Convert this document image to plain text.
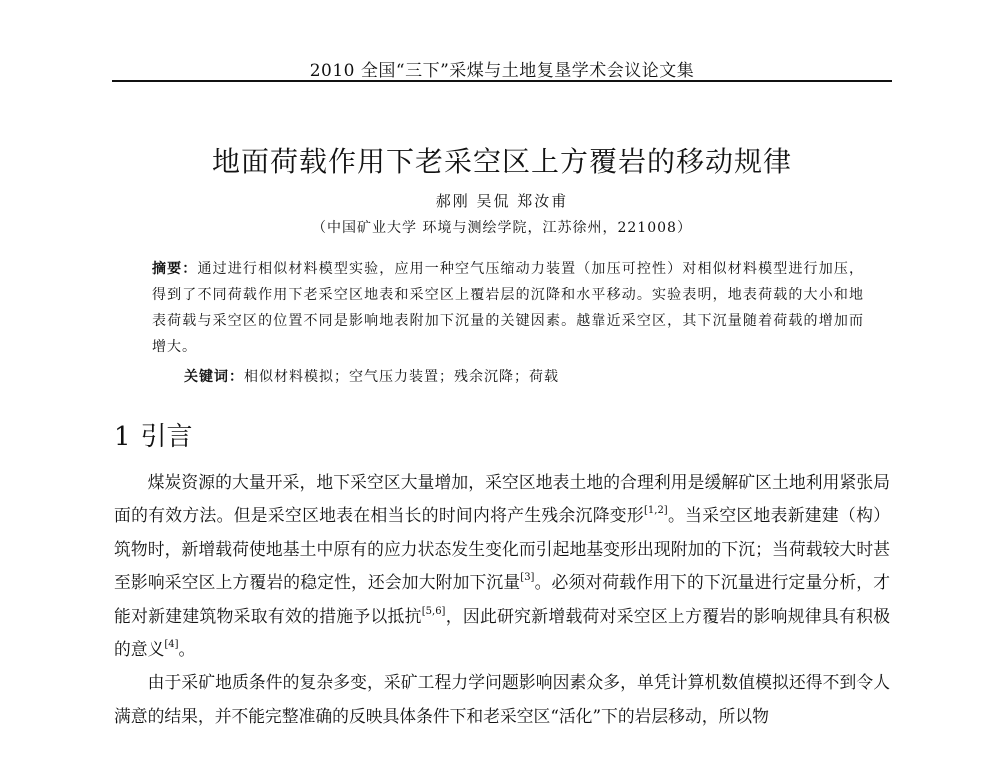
2010 全国“三下”采煤与土地复垦学术会议论文集
地面荷载作用下老采空区上方覆岩的移动规律
郝刚 吴侃 郑汝甫
（中国矿业大学 环境与测绘学院，江苏徐州，221008）
摘要：通过进行相似材料模型实验，应用一种空气压缩动力装置（加压可控性）对相似材料模型进行加压，得到了不同荷载作用下老采空区地表和采空区上覆岩层的沉降和水平移动。实验表明，地表荷载的大小和地表荷载与采空区的位置不同是影响地表附加下沉量的关键因素。越靠近采空区，其下沉量随着荷载的增加而增大。
关键词：相似材料模拟；空气压力装置；残余沉降；荷载
1 引言

煤炭资源的大量开采，地下采空区大量增加，采空区地表土地的合理利用是缓解矿区土地利用紧张局面的有效方法。但是采空区地表在相当长的时间内将产生残余沉降变形[1,2]。当采空区地表新建建（构）筑物时，新增载荷使地基土中原有的应力状态发生变化而引起地基变形出现附加的下沉；当荷载较大时甚至影响采空区上方覆岩的稳定性，还会加大附加下沉量[3]。必须对荷载作用下的下沉量进行定量分析，才能对新建建筑物采取有效的措施予以抵抗[5,6]，因此研究新增载荷对采空区上方覆岩的影响规律具有积极的意义[4]。

由于采矿地质条件的复杂多变，采矿工程力学问题影响因素众多，单凭计算机数值模拟还得不到令人满意的结果，并不能完整准确的反映具体条件下和老采空区“活化”下的岩层移动，所以物
